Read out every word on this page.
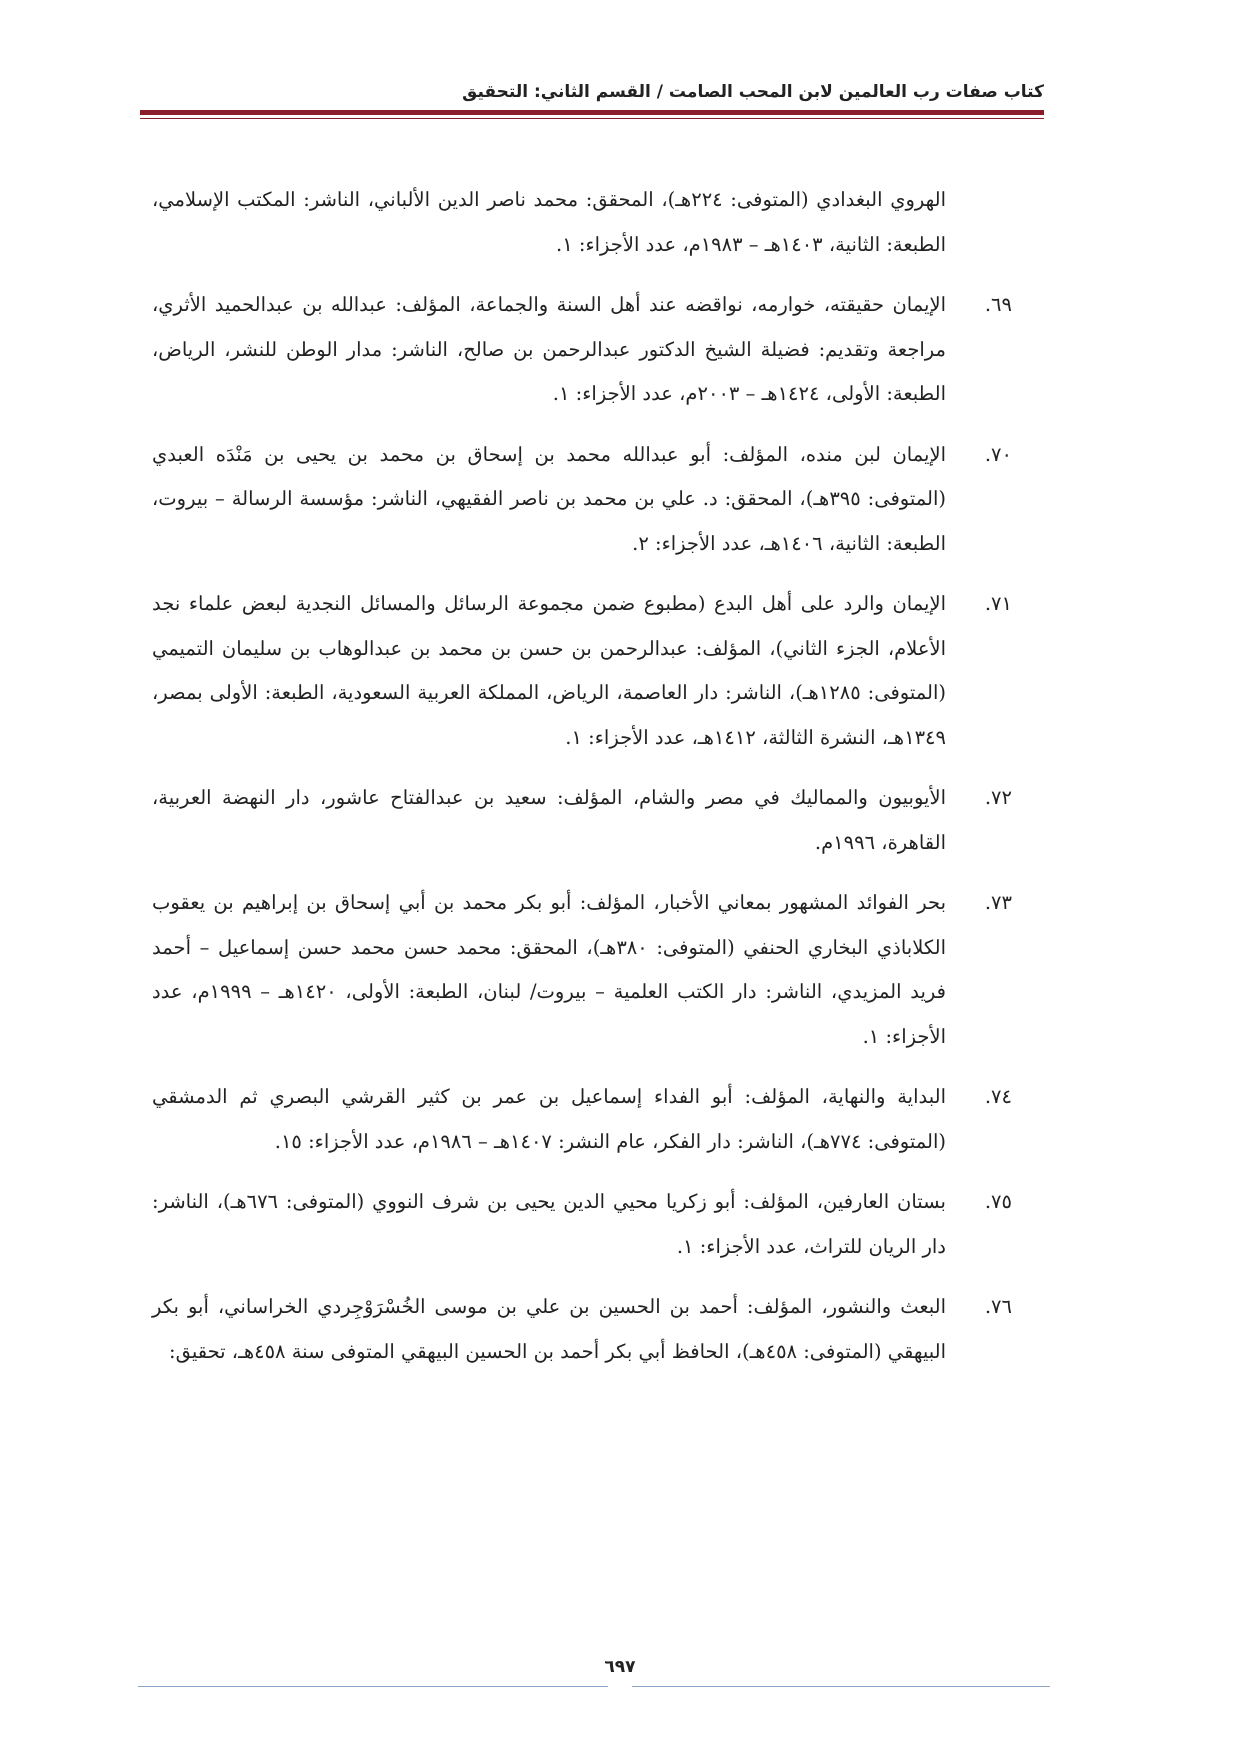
كتاب صفات رب العالمين لابن المحب الصامت / القسم الثاني: التحقيق
الهروي البغدادي (المتوفى: ٢٢٤هـ)، المحقق: محمد ناصر الدين الألباني، الناشر: المكتب الإسلامي، الطبعة: الثانية، ١٤٠٣هـ – ١٩٨٣م، عدد الأجزاء: ١.
٦٩.
الإيمان حقيقته، خوارمه، نواقضه عند أهل السنة والجماعة، المؤلف: عبدالله بن عبدالحميد الأثري، مراجعة وتقديم: فضيلة الشيخ الدكتور عبدالرحمن بن صالح، الناشر: مدار الوطن للنشر، الرياض، الطبعة: الأولى، ١٤٢٤هـ – ٢٠٠٣م، عدد الأجزاء: ١.
٧٠.
الإيمان لبن منده، المؤلف: أبو عبدالله محمد بن إسحاق بن محمد بن يحيى بن مَنْدَه العبدي (المتوفى: ٣٩٥هـ)، المحقق: د. علي بن محمد بن ناصر الفقيهي، الناشر: مؤسسة الرسالة – بيروت، الطبعة: الثانية، ١٤٠٦هـ، عدد الأجزاء: ٢.
٧١.
الإيمان والرد على أهل البدع (مطبوع ضمن مجموعة الرسائل والمسائل النجدية لبعض علماء نجد الأعلام، الجزء الثاني)، المؤلف: عبدالرحمن بن حسن بن محمد بن عبدالوهاب بن سليمان التميمي (المتوفى: ١٢٨٥هـ)، الناشر: دار العاصمة، الرياض، المملكة العربية السعودية، الطبعة: الأولى بمصر، ١٣٤٩هـ، النشرة الثالثة، ١٤١٢هـ، عدد الأجزاء: ١.
٧٢.
الأيوبيون والمماليك في مصر والشام، المؤلف: سعيد بن عبدالفتاح عاشور، دار النهضة العربية، القاهرة، ١٩٩٦م.
٧٣.
بحر الفوائد المشهور بمعاني الأخبار، المؤلف: أبو بكر محمد بن أبي إسحاق بن إبراهيم بن يعقوب الكلاباذي البخاري الحنفي (المتوفى: ٣٨٠هـ)، المحقق: محمد حسن محمد حسن إسماعيل – أحمد فريد المزيدي، الناشر: دار الكتب العلمية – بيروت/ لبنان، الطبعة: الأولى، ١٤٢٠هـ – ١٩٩٩م، عدد الأجزاء: ١.
٧٤.
البداية والنهاية، المؤلف: أبو الفداء إسماعيل بن عمر بن كثير القرشي البصري ثم الدمشقي (المتوفى: ٧٧٤هـ)، الناشر: دار الفكر، عام النشر: ١٤٠٧هـ – ١٩٨٦م، عدد الأجزاء: ١٥.
٧٥.
بستان العارفين، المؤلف: أبو زكريا محيي الدين يحيى بن شرف النووي (المتوفى: ٦٧٦هـ)، الناشر: دار الريان للتراث، عدد الأجزاء: ١.
٧٦.
البعث والنشور، المؤلف: أحمد بن الحسين بن علي بن موسى الخُسْرَوْجِردي الخراساني، أبو بكر البيهقي (المتوفى: ٤٥٨هـ)، الحافظ أبي بكر أحمد بن الحسين البيهقي المتوفى سنة ٤٥٨هـ، تحقيق:
٦٩٧
